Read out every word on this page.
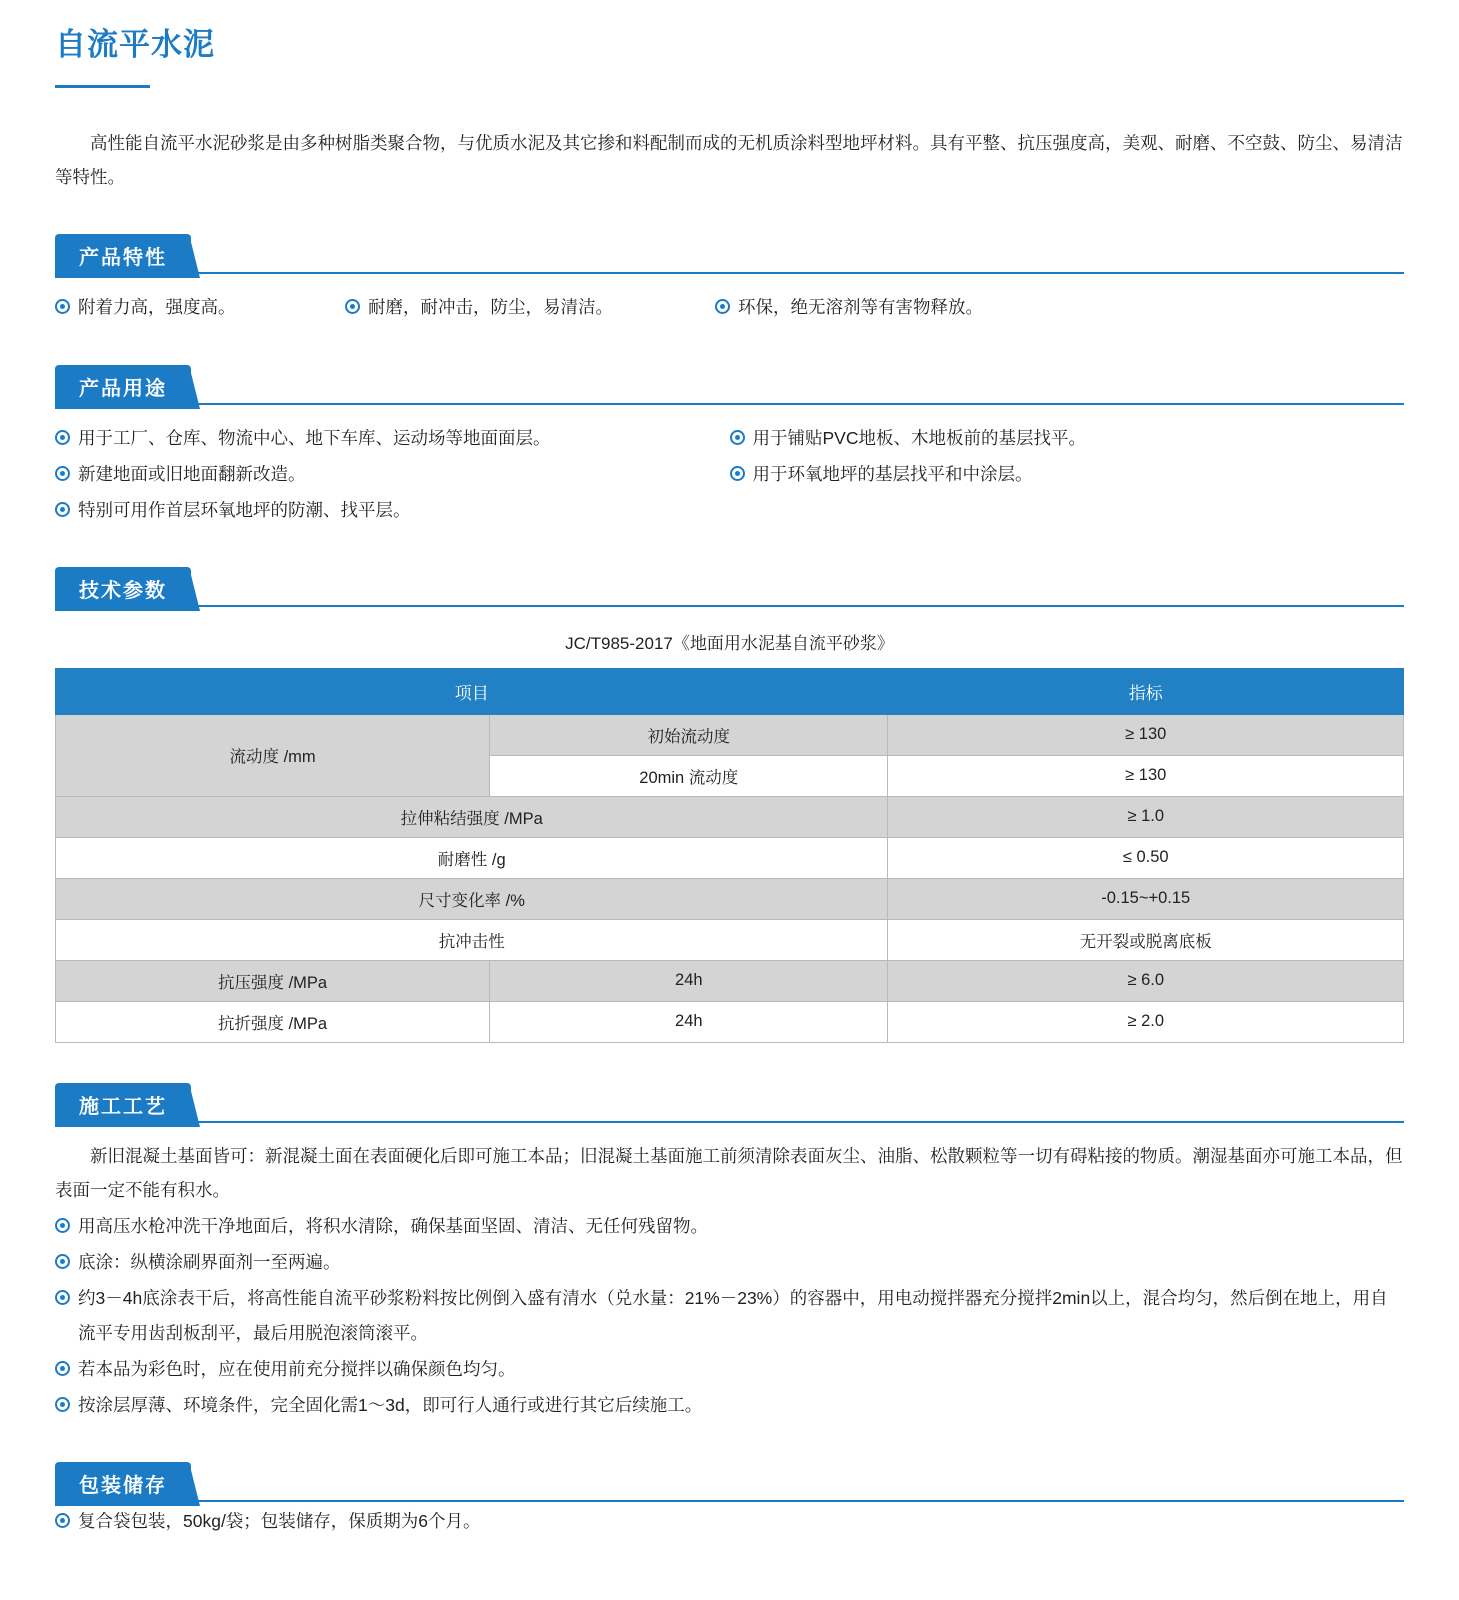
自流平水泥

高性能自流平水泥砂浆是由多种树脂类聚合物，与优质水泥及其它掺和料配制而成的无机质涂料型地坪材料。具有平整、抗压强度高，美观、耐磨、不空鼓、防尘、易清洁等特性。

产品特性
附着力高，强度高。	耐磨，耐冲击，防尘，易清洁。	环保，绝无溶剂等有害物释放。
产品用途
用于工厂、仓库、物流中心、地下车库、运动场等地面面层。
新建地面或旧地面翻新改造。
特别可用作首层环氧地坪的防潮、找平层。
用于铺贴PVC地板、木地板前的基层找平。
用于环氧地坪的基层找平和中涂层。
技术参数
JC/T985-2017《地面用水泥基自流平砂浆》
项目		指标
流动度 /mm	初始流动度	≥ 130
	20min 流动度	≥ 130
拉伸粘结强度 /MPa		≥ 1.0
耐磨性 /g		≤ 0.50
尺寸变化率 /%		-0.15~+0.15
抗冲击性		无开裂或脱离底板
抗压强度 /MPa	24h	≥ 6.0
抗折强度 /MPa	24h	≥ 2.0
施工工艺

新旧混凝土基面皆可：新混凝土面在表面硬化后即可施工本品；旧混凝土基面施工前须清除表面灰尘、油脂、松散颗粒等一切有碍粘接的物质。潮湿基面亦可施工本品，但表面一定不能有积水。

用高压水枪冲洗干净地面后，将积水清除，确保基面坚固、清洁、无任何残留物。
底涂：纵横涂刷界面剂一至两遍。
约3－4h底涂表干后，将高性能自流平砂浆粉料按比例倒入盛有清水（兑水量：21%－23%）的容器中，用电动搅拌器充分搅拌2min以上，混合均匀，然后倒在地上，用自流平专用齿刮板刮平，最后用脱泡滚筒滚平。
若本品为彩色时，应在使用前充分搅拌以确保颜色均匀。
按涂层厚薄、环境条件，完全固化需1～3d，即可行人通行或进行其它后续施工。
包装储存
复合袋包装，50kg/袋；包装储存，保质期为6个月。
